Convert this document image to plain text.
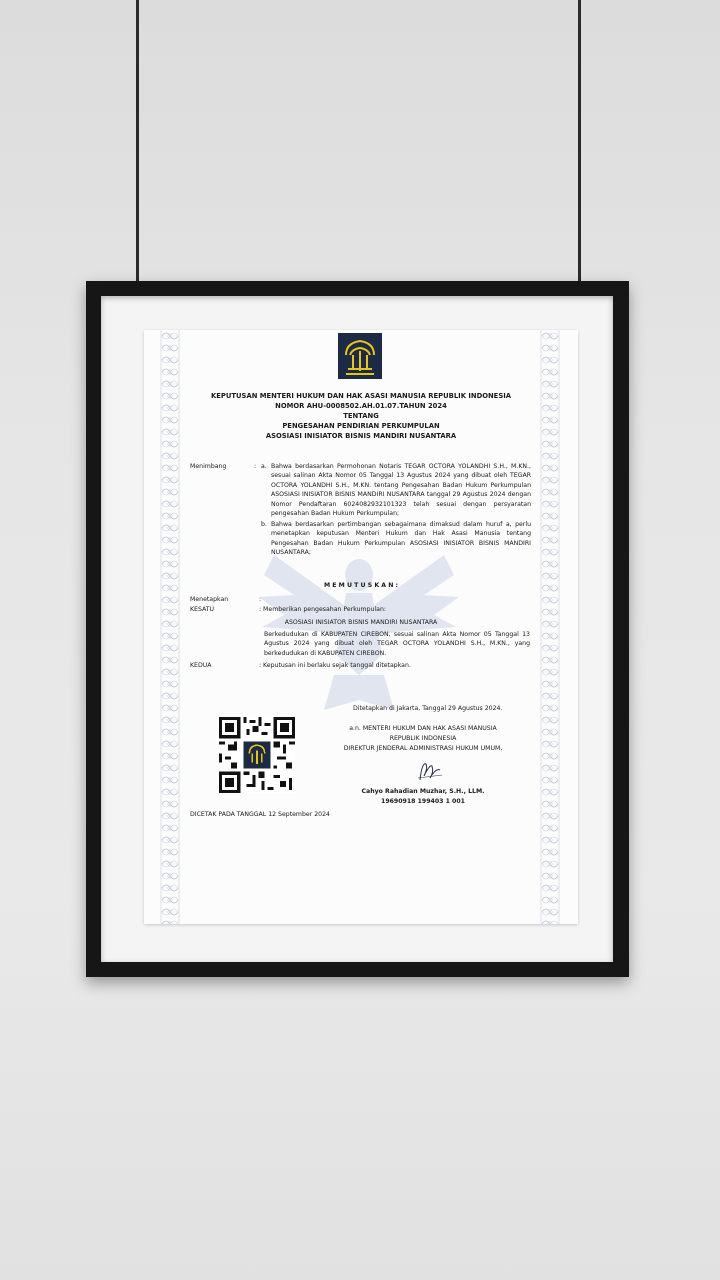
KEPUTUSAN MENTERI HUKUM DAN HAK ASASI MANUSIA REPUBLIK INDONESIA
NOMOR AHU-0008502.AH.01.07.TAHUN 2024
TENTANG
PENGESAHAN PENDIRIAN PERKUMPULAN
ASOSIASI INISIATOR BISNIS MANDIRI NUSANTARA
Menimbang	: a. Bahwa berdasarkan Permohonan Notaris TEGAR OCTORA YOLANDHI S.H., M.KN., sesuai salinan Akta Nomor 05 Tanggal 13 Agustus 2024 yang dibuat oleh TEGAR OCTORA YOLANDHI S.H., M.KN. tentang Pengesahan Badan Hukum Perkumpulan ASOSIASI INISIATOR BISNIS MANDIRI NUSANTARA tanggal 29 Agustus 2024 dengan Nomor Pendaftaran 6024082932101323 telah sesuai dengan persyaratan pengesahan Badan Hukum Perkumpulan;
b. Bahwa berdasarkan pertimbangan sebagaimana dimaksud dalam huruf a, perlu menetapkan keputusan Menteri Hukum dan Hak Asasi Manusia tentang Pengesahan Badan Hukum Perkumpulan ASOSIASI INISIATOR BISNIS MANDIRI NUSANTARA;
M E M U T U S K A N :
Menetapkan	:
KESATU	: Memberikan pengesahan Perkumpulan:
ASOSIASI INISIATOR BISNIS MANDIRI NUSANTARA
Berkedudukan di KABUPATEN CIREBON, sesuai salinan Akta Nomor 05 Tanggal 13 Agustus 2024 yang dibuat oleh TEGAR OCTORA YOLANDHI S.H., M.KN., yang berkedudukan di KABUPATEN CIREBON.
KEDUA	: Keputusan ini berlaku sejak tanggal ditetapkan.
Ditetapkan di Jakarta, Tanggal 29 Agustus 2024.
a.n. MENTERI HUKUM DAN HAK ASASI MANUSIA
REPUBLIK INDONESIA
DIREKTUR JENDERAL ADMINISTRASI HUKUM UMUM,
Cahyo Rahadian Muzhar, S.H., LLM.
19690918 199403 1 001
DICETAK PADA TANGGAL 12 September 2024
